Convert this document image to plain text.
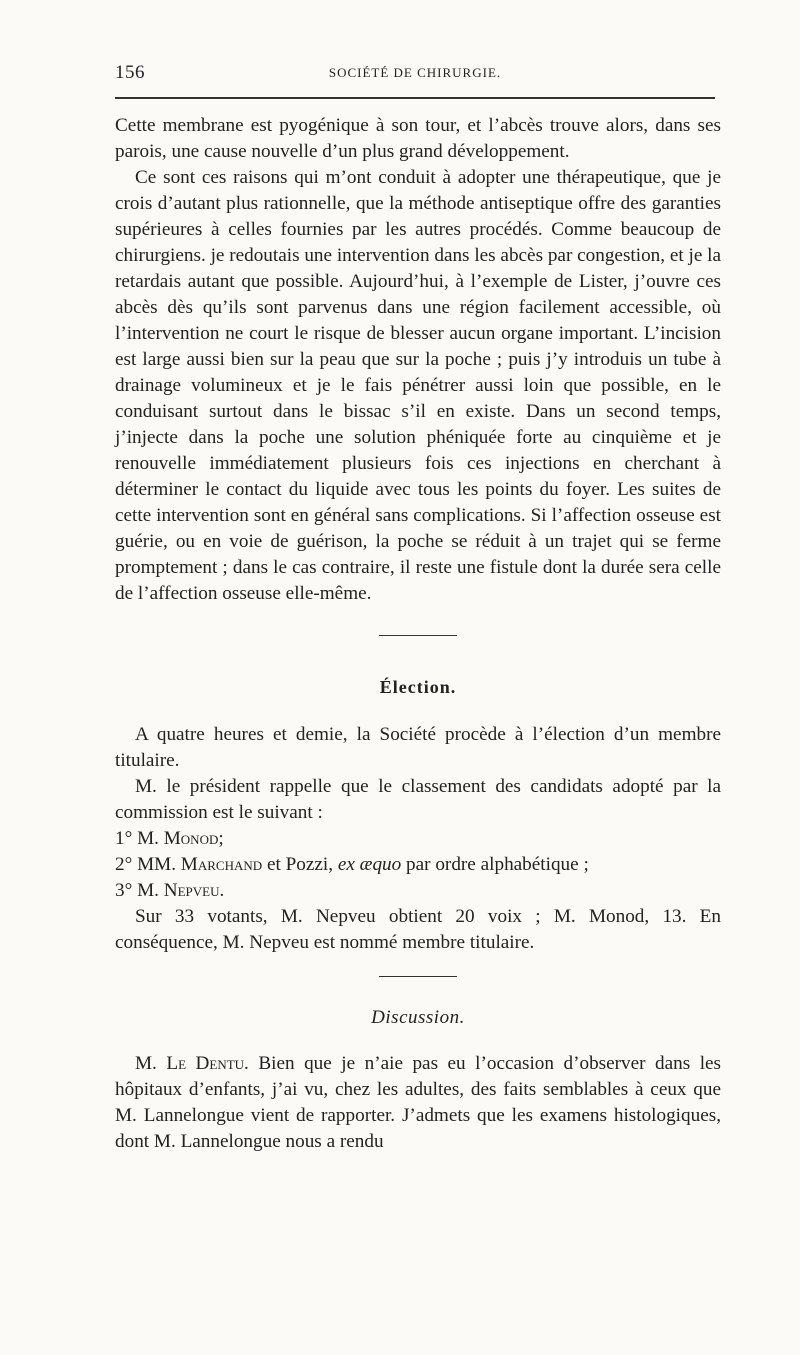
156	SOCIÉTÉ DE CHIRURGIE.

Cette membrane est pyogénique à son tour, et l’abcès trouve alors, dans ses parois, une cause nouvelle d’un plus grand développement.

Ce sont ces raisons qui m’ont conduit à adopter une thérapeutique, que je crois d’autant plus rationnelle, que la méthode antiseptique offre des garanties supérieures à celles fournies par les autres procédés. Comme beaucoup de chirurgiens. je redoutais une intervention dans les abcès par congestion, et je la retardais autant que possible. Aujourd’hui, à l’exemple de Lister, j’ouvre ces abcès dès qu’ils sont parvenus dans une région facilement accessible, où l’intervention ne court le risque de blesser aucun organe important. L’incision est large aussi bien sur la peau que sur la poche ; puis j’y introduis un tube à drainage volumineux et je le fais pénétrer aussi loin que possible, en le conduisant surtout dans le bissac s’il en existe. Dans un second temps, j’injecte dans la poche une solution phéniquée forte au cinquième et je renouvelle immédiatement plusieurs fois ces injections en cherchant à déterminer le contact du liquide avec tous les points du foyer. Les suites de cette intervention sont en général sans complications. Si l’affection osseuse est guérie, ou en voie de guérison, la poche se réduit à un trajet qui se ferme promptement ; dans le cas contraire, il reste une fistule dont la durée sera celle de l’affection osseuse elle-même.

Élection.

A quatre heures et demie, la Société procède à l’élection d’un membre titulaire.

M. le président rappelle que le classement des candidats adopté par la commission est le suivant :

1° M. Monod;

2° MM. Marchand et Pozzi, ex æquo par ordre alphabétique ;

3° M. Nepveu.

Sur 33 votants, M. Nepveu obtient 20 voix ; M. Monod, 13. En conséquence, M. Nepveu est nommé membre titulaire.

Discussion.

M. Le Dentu. Bien que je n’aie pas eu l’occasion d’observer dans les hôpitaux d’enfants, j’ai vu, chez les adultes, des faits semblables à ceux que M. Lannelongue vient de rapporter. J’admets que les examens histologiques, dont M. Lannelongue nous a rendu
